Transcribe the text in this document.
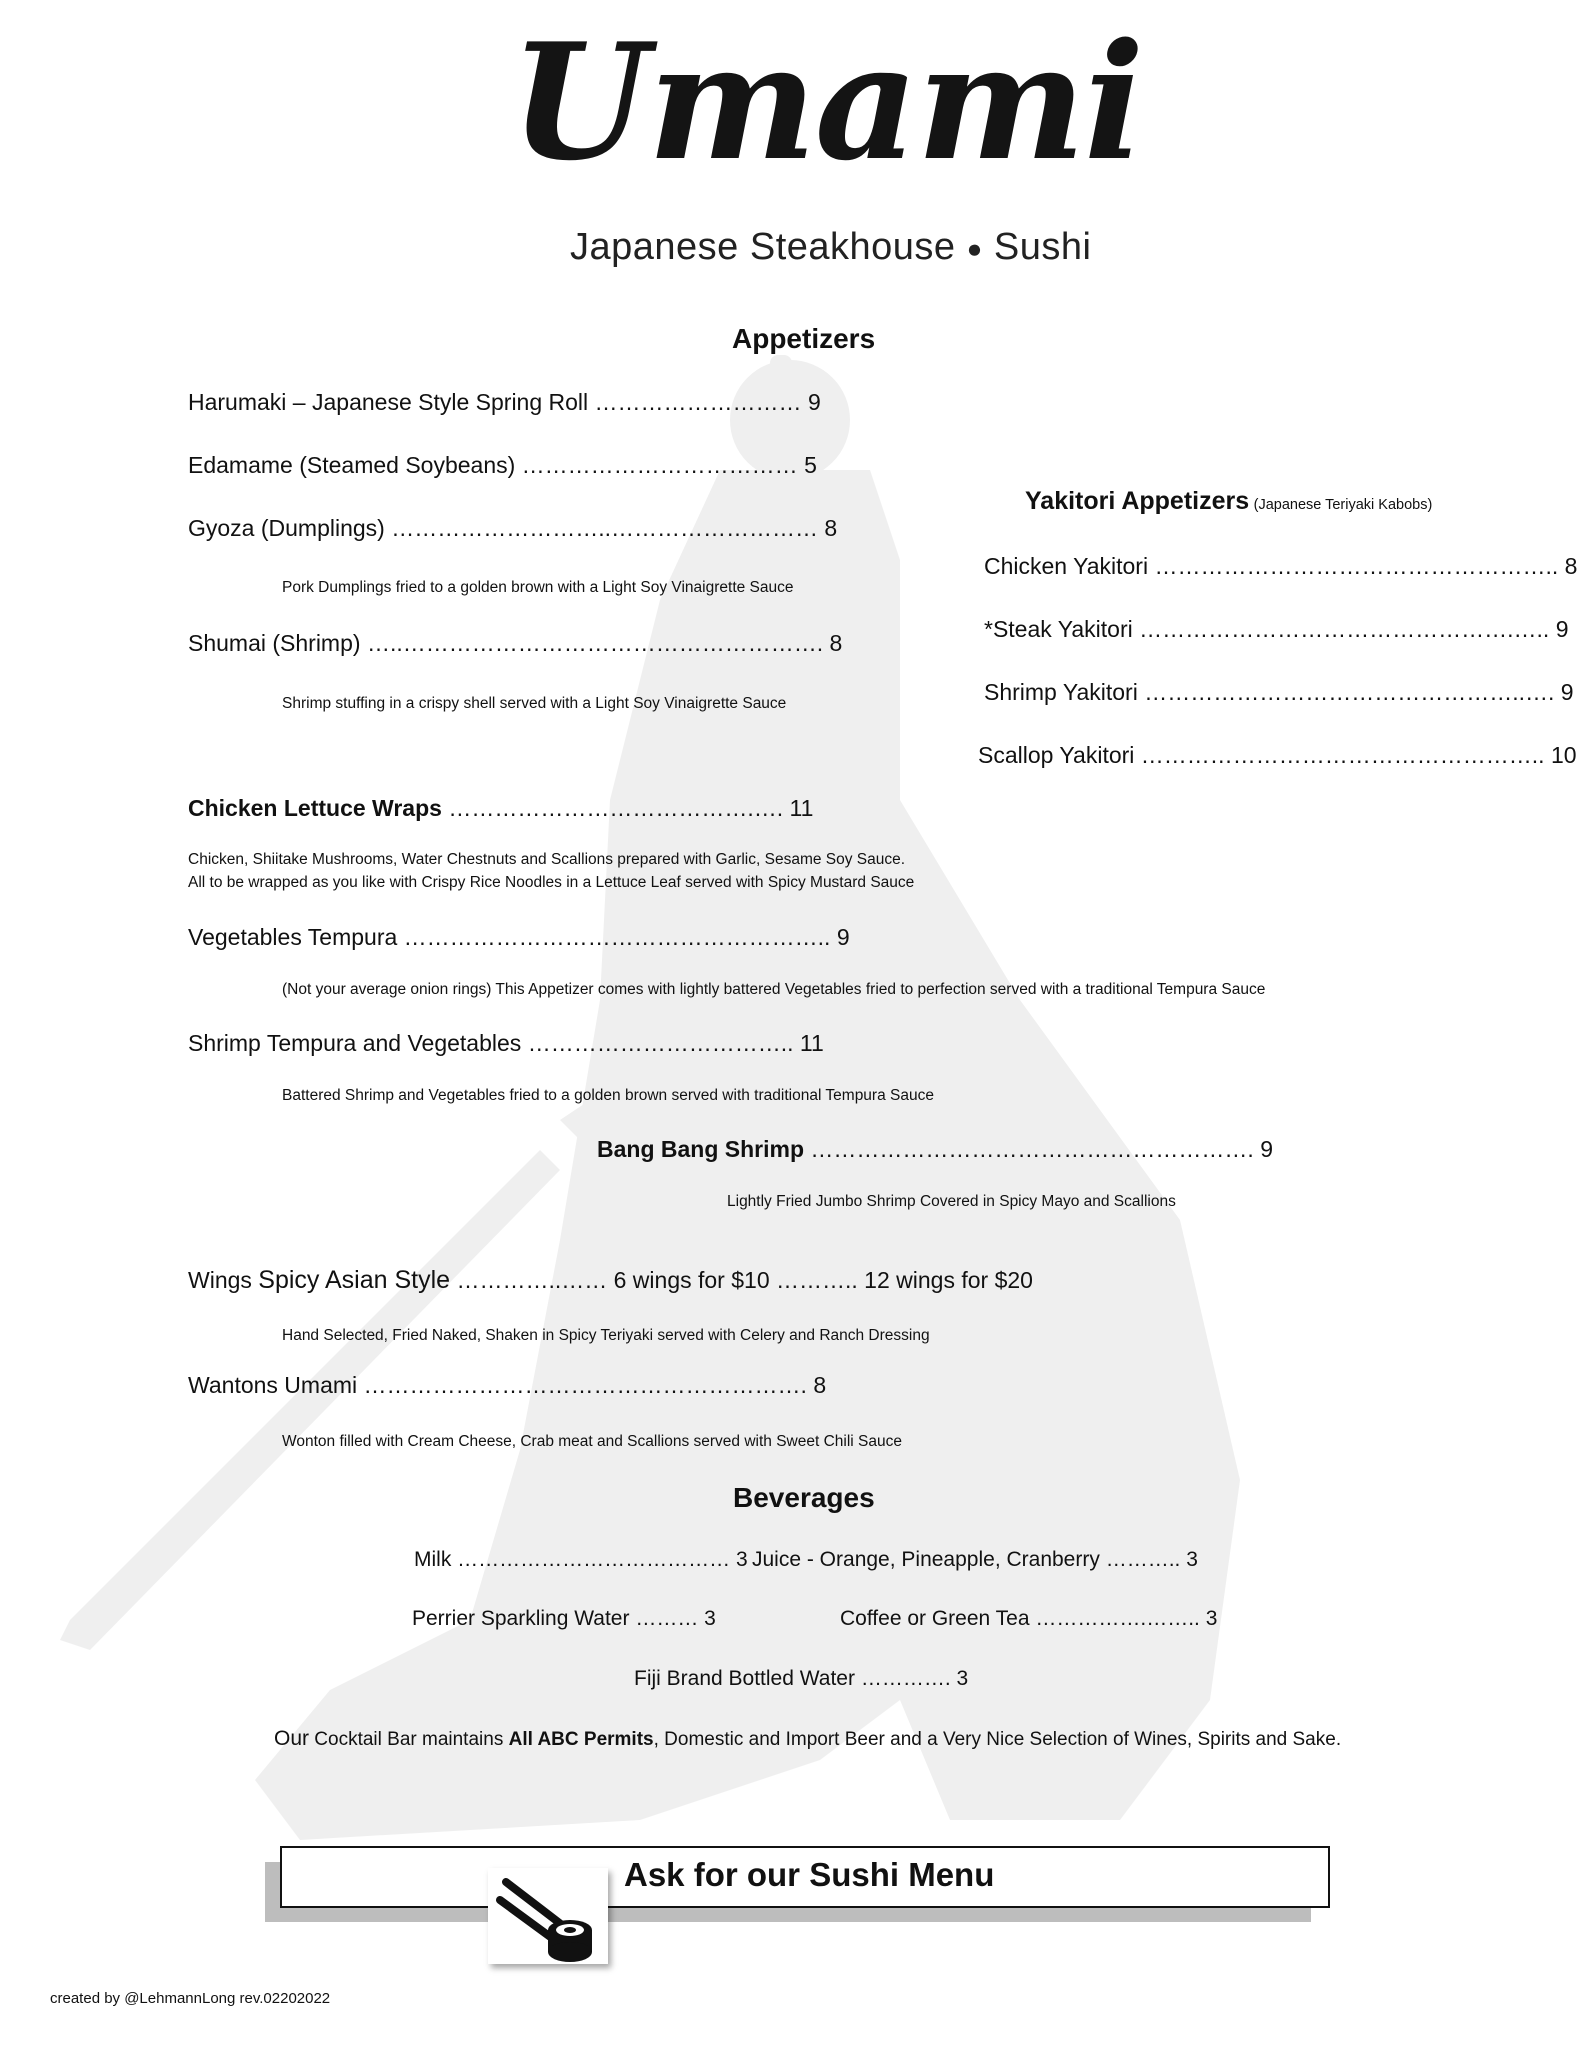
Umami
Japanese Steakhouse ● Sushi
Appetizers
Harumaki – Japanese Style Spring Roll ……………………… 9
Edamame (Steamed Soybeans) ……………………………… 5
Gyoza (Dumplings) ………………………..……………………… 8
Pork Dumplings fried to a golden brown with a Light Soy Vinaigrette Sauce
Shumai (Shrimp) …..………………………………………………. 8
Shrimp stuffing in a crispy shell served with a Light Soy Vinaigrette Sauce
Yakitori Appetizers (Japanese Teriyaki Kabobs)
Chicken Yakitori …………………………………………….. 8
*Steak Yakitori ………………………………………….….. 9
Shrimp Yakitori …………………………………………..…. 9
Scallop Yakitori …………………………………………….. 10
Chicken Lettuce Wraps ………………………………….…. 11
Chicken, Shiitake Mushrooms, Water Chestnuts and Scallions prepared with Garlic, Sesame Soy Sauce.
All to be wrapped as you like with Crispy Rice Noodles in a Lettuce Leaf served with Spicy Mustard Sauce
Vegetables Tempura ……………………………………………….. 9
(Not your average onion rings) This Appetizer comes with lightly battered Vegetables fried to perfection served with a traditional Tempura Sauce
Shrimp Tempura and Vegetables …………………………….. 11
Battered Shrimp and Vegetables fried to a golden brown served with traditional Tempura Sauce
Bang Bang Shrimp …………………………………………………. 9
Lightly Fried Jumbo Shrimp Covered in Spicy Mayo and Scallions
Wings Spicy Asian Style …………..…… 6 wings for $10 ……….. 12 wings for $20
Hand Selected, Fried Naked, Shaken in Spicy Teriyaki served with Celery and Ranch Dressing
Wantons Umami …………………………………………………. 8
Wonton filled with Cream Cheese, Crab meat and Scallions served with Sweet Chili Sauce
Beverages
Milk ………………………………… 3 Juice - Orange, Pineapple, Cranberry ……….. 3
Perrier Sparkling Water ……… 3	Coffee or Green Tea …………….…….. 3
Fiji Brand Bottled Water …………. 3
Our Cocktail Bar maintains All ABC Permits, Domestic and Import Beer and a Very Nice Selection of Wines, Spirits and Sake.
Ask for our Sushi Menu
created by @LehmannLong rev.02202022
